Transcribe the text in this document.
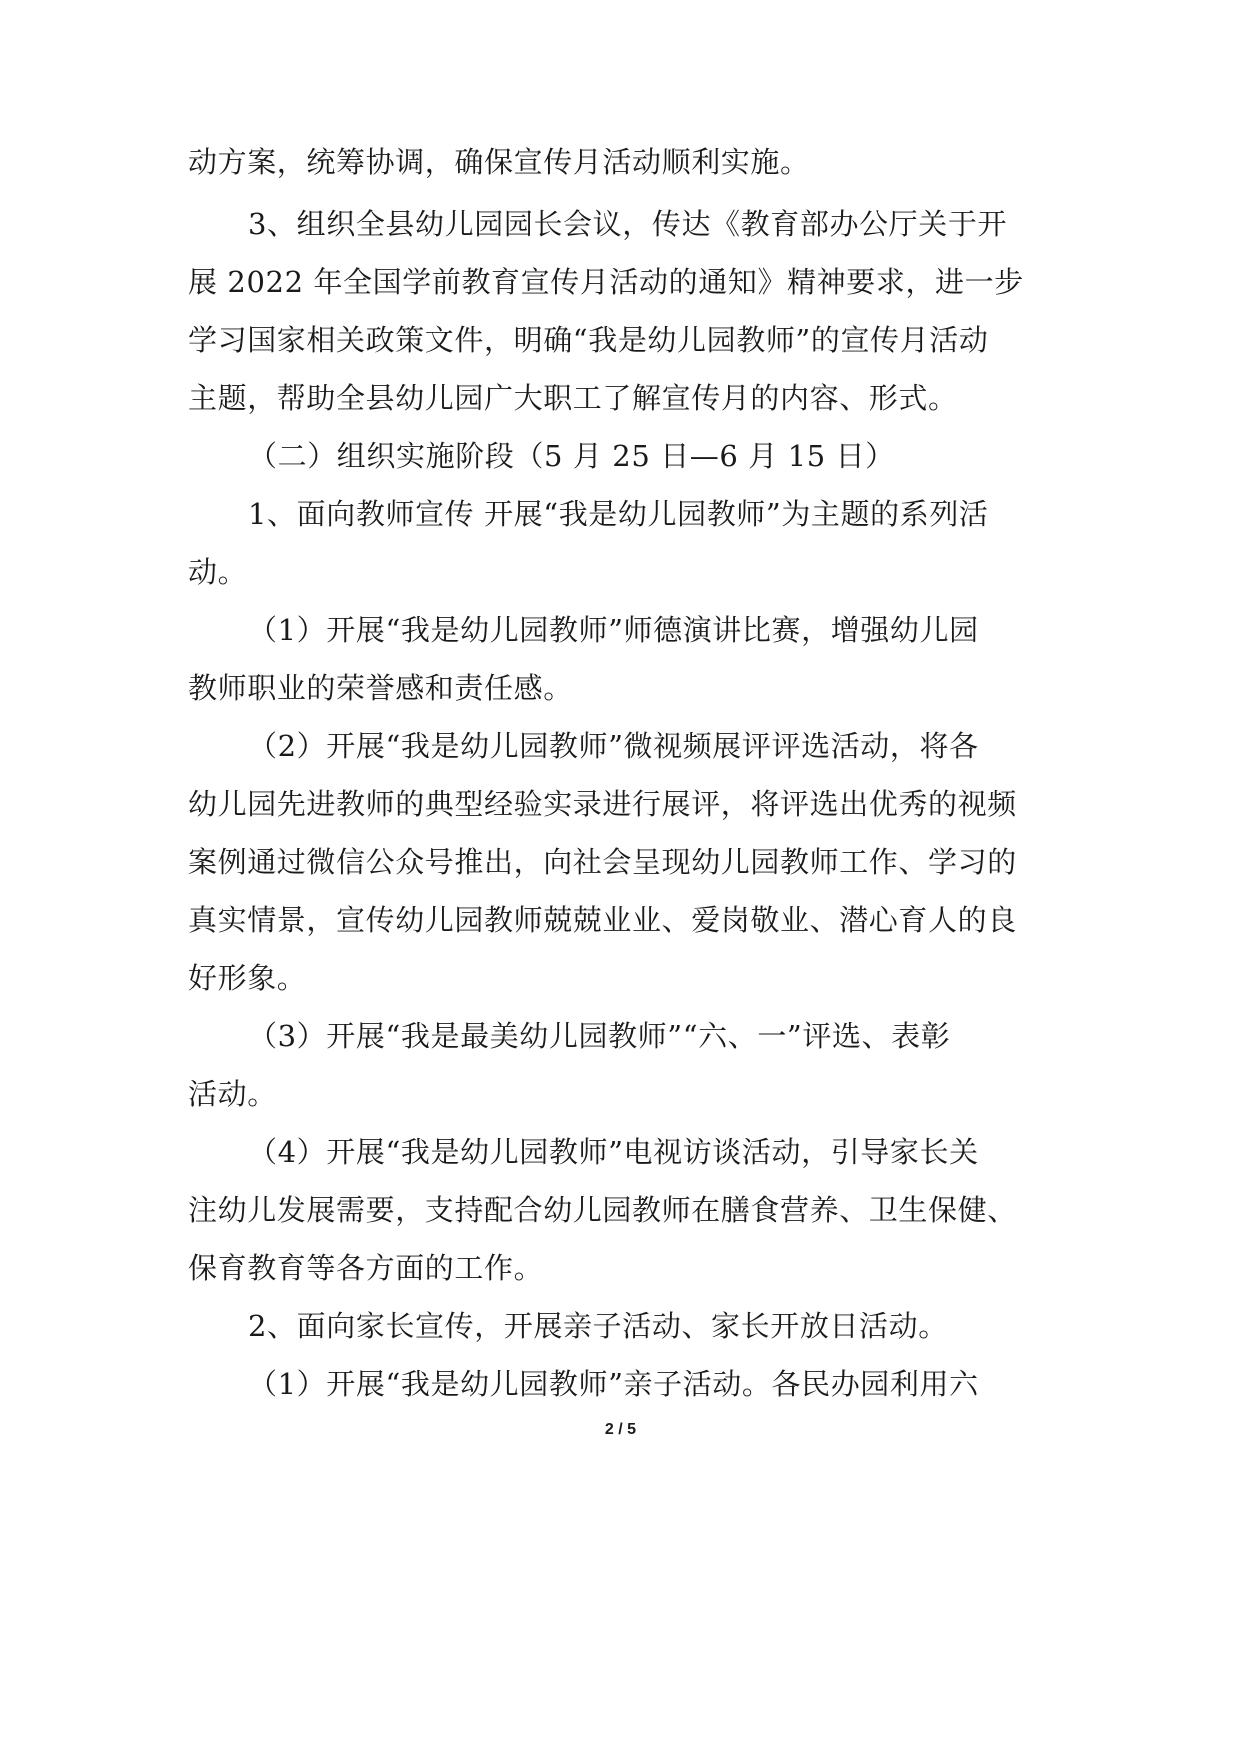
动方案，统筹协调，确保宣传月活动顺利实施。
3、组织全县幼儿园园长会议，传达《教育部办公厅关于开
展 2022 年全国学前教育宣传月活动的通知》精神要求，进一步
学习国家相关政策文件，明确“我是幼儿园教师”的宣传月活动
主题，帮助全县幼儿园广大职工了解宣传月的内容、形式。
（二）组织实施阶段（5 月 25 日—6 月 15 日）
1、面向教师宣传 开展“我是幼儿园教师”为主题的系列活
动。
（1）开展“我是幼儿园教师”师德演讲比赛，增强幼儿园
教师职业的荣誉感和责任感。
（2）开展“我是幼儿园教师”微视频展评评选活动，将各
幼儿园先进教师的典型经验实录进行展评，将评选出优秀的视频
案例通过微信公众号推出，向社会呈现幼儿园教师工作、学习的
真实情景，宣传幼儿园教师兢兢业业、爱岗敬业、潜心育人的良
好形象。
（3）开展“我是最美幼儿园教师”“六、一”评选、表彰
活动。
（4）开展“我是幼儿园教师”电视访谈活动，引导家长关
注幼儿发展需要，支持配合幼儿园教师在膳食营养、卫生保健、
保育教育等各方面的工作。
2、面向家长宣传，开展亲子活动、家长开放日活动。
（1）开展“我是幼儿园教师”亲子活动。各民办园利用六
2 / 5
